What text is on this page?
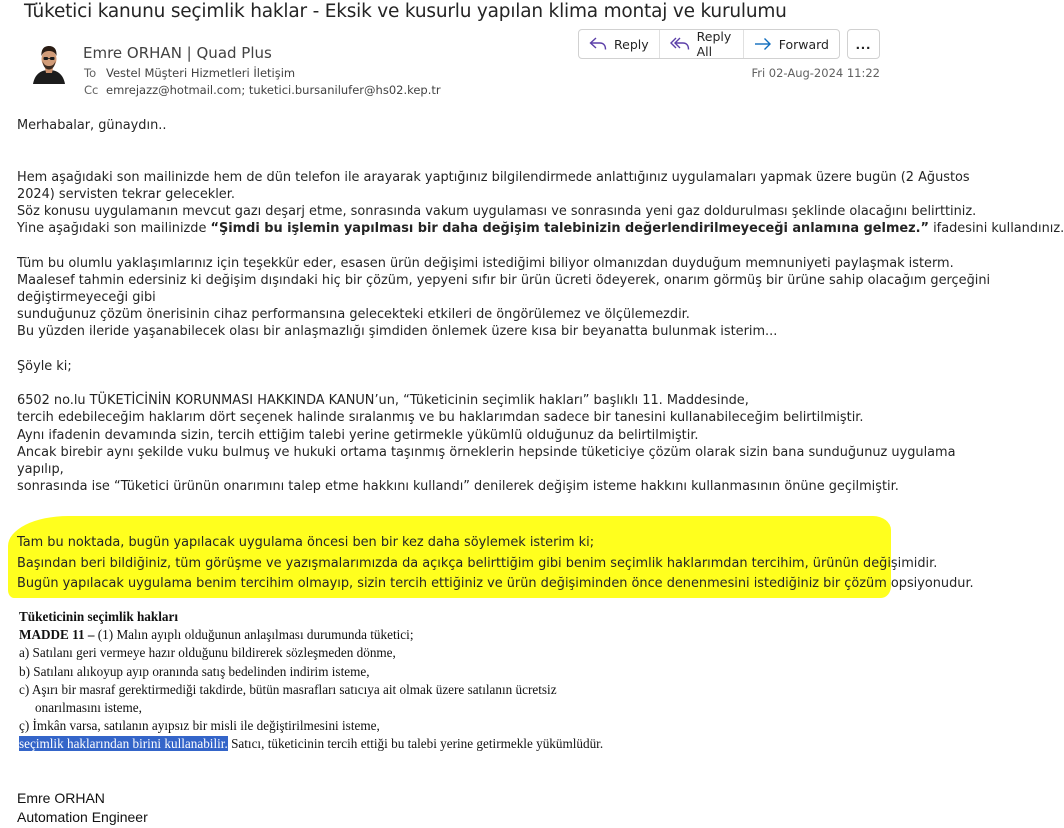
Tüketici kanunu seçimlik haklar - Eksik ve kusurlu yapılan klima montaj ve kurulumu
Emre ORHAN | Quad Plus
To Vestel Müşteri Hizmetleri İletişim
Cc emrejazz@hotmail.com; tuketici.bursanilufer@hs02.kep.tr
Reply	Reply All	Forward ...
Fri 02-Aug-2024 11:22

Merhabalar, günaydın..

Hem aşağıdaki son mailinizde hem de dün telefon ile arayarak yaptığınız bilgilendirmede anlattığınız uygulamaları yapmak üzere bugün (2 Ağustos

2024) servisten tekrar gelecekler.

Söz konusu uygulamanın mevcut gazı deşarj etme, sonrasında vakum uygulaması ve sonrasında yeni gaz doldurulması şeklinde olacağını belirttiniz.

Yine aşağıdaki son mailinizde “Şimdi bu işlemin yapılması bir daha değişim talebinizin değerlendirilmeyeceği anlamına gelmez.” ifadesini kullandınız.

Tüm bu olumlu yaklaşımlarınız için teşekkür eder, esasen ürün değişimi istediğimi biliyor olmanızdan duyduğum memnuniyeti paylaşmak isterm.

Maalesef tahmin edersiniz ki değişim dışındaki hiç bir çözüm, yepyeni sıfır bir ürün ücreti ödeyerek, onarım görmüş bir ürüne sahip olacağım gerçeğini

değiştirmeyeceği gibi

sunduğunuz çözüm önerisinin cihaz performansına gelecekteki etkileri de öngörülemez ve ölçülemezdir.

Bu yüzden ileride yaşanabilecek olası bir anlaşmazlığı şimdiden önlemek üzere kısa bir beyanatta bulunmak isterim...

Şöyle ki;

6502 no.lu TÜKETİCİNİN KORUNMASI HAKKINDA KANUN’un, “Tüketicinin seçimlik hakları” başlıklı 11. Maddesinde,

tercih edebileceğim haklarım dört seçenek halinde sıralanmış ve bu haklarımdan sadece bir tanesini kullanabileceğim belirtilmiştir.

Aynı ifadenin devamında sizin, tercih ettiğim talebi yerine getirmekle yükümlü olduğunuz da belirtilmiştir.

Ancak birebir aynı şekilde vuku bulmuş ve hukuki ortama taşınmış örneklerin hepsinde tüketiciye çözüm olarak sizin bana sunduğunuz uygulama

yapılıp,

sonrasında ise “Tüketici ürünün onarımını talep etme hakkını kullandı” denilerek değişim isteme hakkını kullanmasının önüne geçilmiştir.

Tam bu noktada, bugün yapılacak uygulama öncesi ben bir kez daha söylemek isterim ki;

Başından beri bildiğiniz, tüm görüşme ve yazışmalarımızda da açıkça belirttiğim gibi benim seçimlik haklarımdan tercihim, ürünün değişimidir.

Bugün yapılacak uygulama benim tercihim olmayıp, sizin tercih ettiğiniz ve ürün değişiminden önce denenmesini istediğiniz bir çözüm opsiyonudur.

Tüketicinin seçimlik hakları

MADDE 11 – (1) Malın ayıplı olduğunun anlaşılması durumunda tüketici;

a) Satılanı geri vermeye hazır olduğunu bildirerek sözleşmeden dönme,

b) Satılanı alıkoyup ayıp oranında satış bedelinden indirim isteme,

c) Aşırı bir masraf gerektirmediği takdirde, bütün masrafları satıcıya ait olmak üzere satılanın ücretsiz

onarılmasını isteme,

ç) İmkân varsa, satılanın ayıpsız bir misli ile değiştirilmesini isteme,

seçimlik haklarından birini kullanabilir. Satıcı, tüketicinin tercih ettiği bu talebi yerine getirmekle yükümlüdür.

Emre ORHAN

Automation Engineer
